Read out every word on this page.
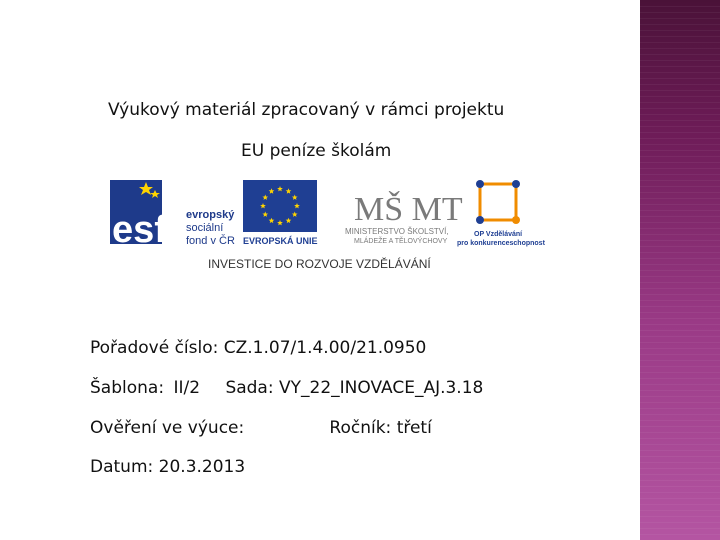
Výukový materiál zpracovaný v rámci projektu
EU peníze školám
esf evropský
sociální
fond v ČR EVROPSKÁ UNIE
MŠ MT
MINISTERSTVO ŠKOLSTVÍ,
MLÁDEŽE A TĚLOVÝCHOVY
OP Vzdělávání
pro konkurenceschopnost
INVESTICE DO ROZVOJE VZDĚLÁVÁNÍ
Pořadové číslo: CZ.1.07/1.4.00/21.0950
Šablona: II/2 Sada: VY_22_INOVACE_AJ.3.18
Ověření ve výuce:	Ročník: třetí
Datum: 20.3.2013
